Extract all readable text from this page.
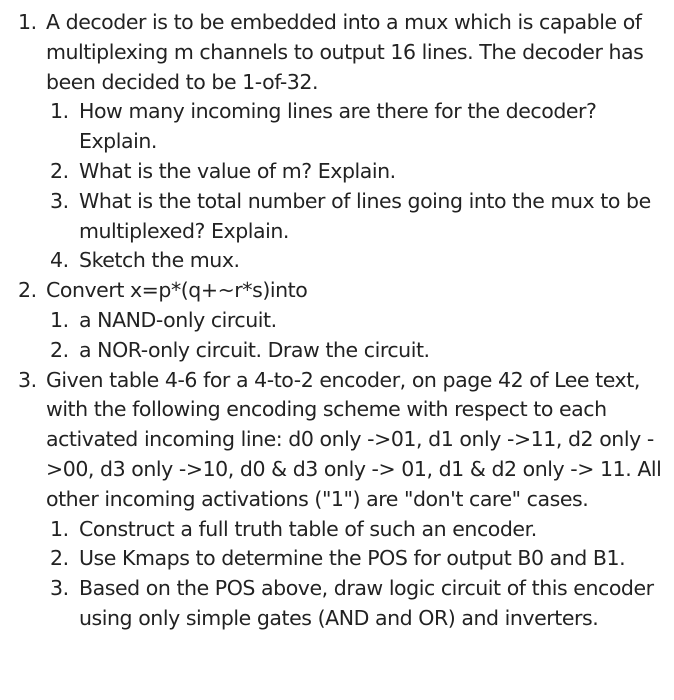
1. A decoder is to be embedded into a mux which is capable of multiplexing m channels to output 16 lines. The decoder has been decided to be 1-of-32.
1. How many incoming lines are there for the decoder? Explain.
2. What is the value of m? Explain.
3. What is the total number of lines going into the mux to be multiplexed? Explain.
4. Sketch the mux.
2. Convert x=p*(q+~r*s)into
1. a NAND-only circuit.
2. a NOR-only circuit. Draw the circuit.
3. Given table 4-6 for a 4-to-2 encoder, on page 42 of Lee text, with the following encoding scheme with respect to each activated incoming line: d0 only ->01, d1 only ->11, d2 only ->00, d3 only ->10, d0 & d3 only -> 01, d1 & d2 only -> 11. All other incoming activations ("1") are "don't care" cases.
1. Construct a full truth table of such an encoder.
2. Use Kmaps to determine the POS for output B0 and B1.
3. Based on the POS above, draw logic circuit of this encoder using only simple gates (AND and OR) and inverters.
